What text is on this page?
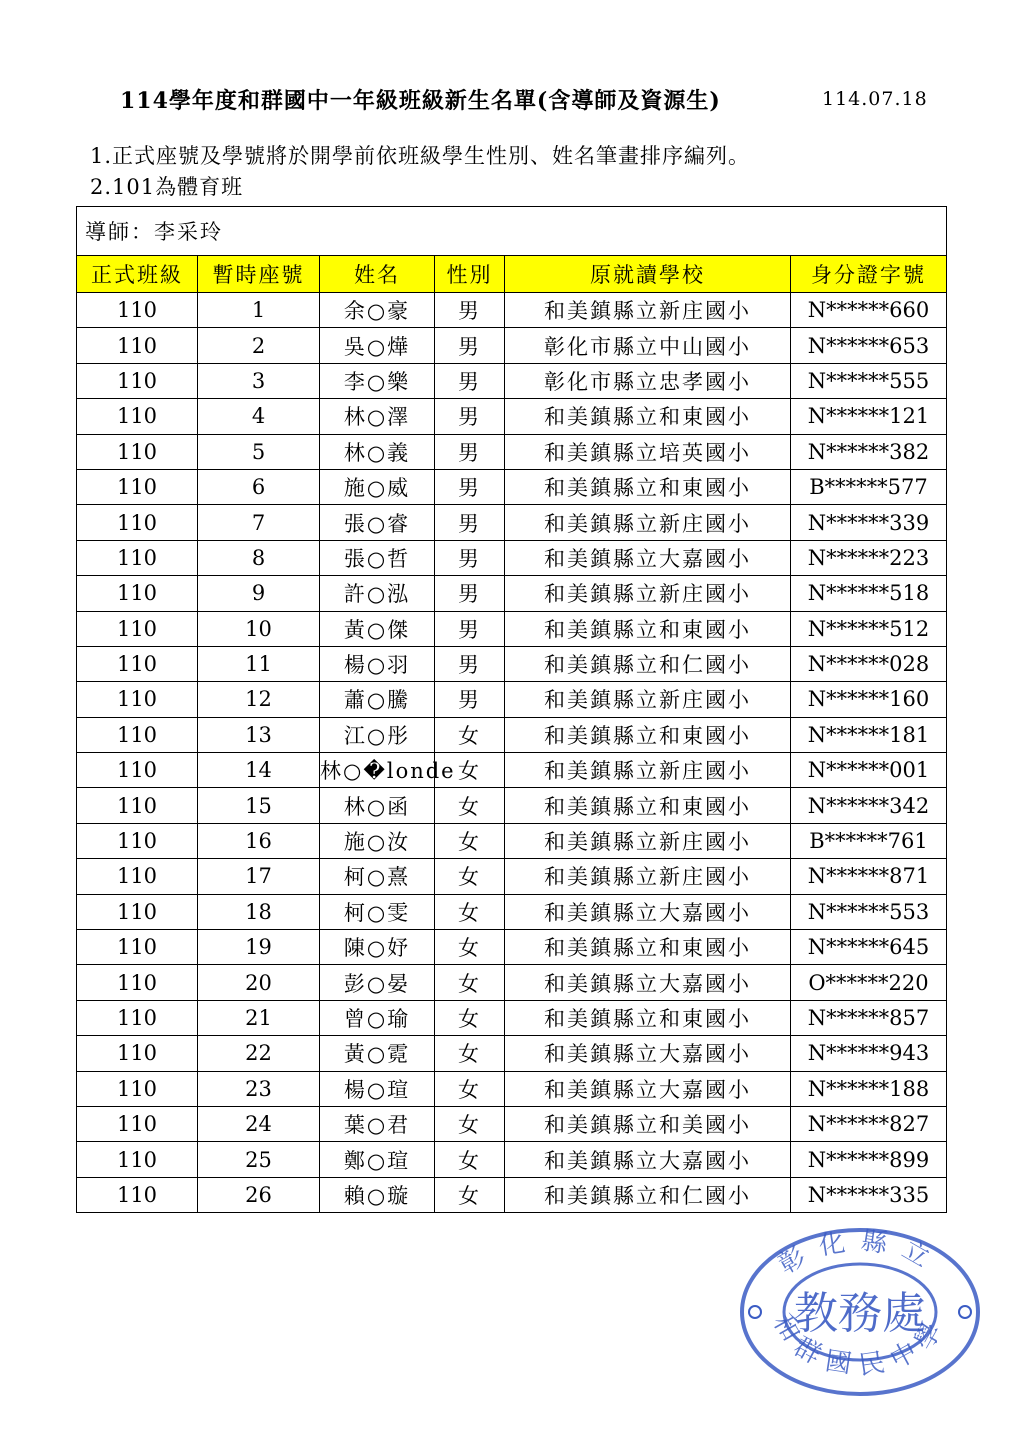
114學年度和群國中一年級班級新生名單(含導師及資源生)	114.07.18
1.正式座號及學號將於開學前依班級學生性別、姓名筆畫排序編列。
2.101為體育班
導師：李采玲					
正式班級	暫時座號	姓名	性別	原就讀學校	身分證字號
110	1	余○豪	男	和美鎮縣立新庄國小	N******660
110	2	吳○燁	男	彰化市縣立中山國小	N******653
110	3	李○樂	男	彰化市縣立忠孝國小	N******555
110	4	林○澤	男	和美鎮縣立和東國小	N******121
110	5	林○義	男	和美鎮縣立培英國小	N******382
110	6	施○威	男	和美鎮縣立和東國小	B******577
110	7	張○睿	男	和美鎮縣立新庄國小	N******339
110	8	張○哲	男	和美鎮縣立大嘉國小	N******223
110	9	許○泓	男	和美鎮縣立新庄國小	N******518
110	10	黃○傑	男	和美鎮縣立和東國小	N******512
110	11	楊○羽	男	和美鎮縣立和仁國小	N******028
110	12	蕭○騰	男	和美鎮縣立新庄國小	N******160
110	13	江○彤	女	和美鎮縣立和東國小	N******181
110	14	林○�londe	女	和美鎮縣立新庄國小	N******001
110	15	林○函	女	和美鎮縣立和東國小	N******342
110	16	施○汝	女	和美鎮縣立新庄國小	B******761
110	17	柯○熹	女	和美鎮縣立新庄國小	N******871
110	18	柯○雯	女	和美鎮縣立大嘉國小	N******553
110	19	陳○妤	女	和美鎮縣立和東國小	N******645
110	20	彭○晏	女	和美鎮縣立大嘉國小	O******220
110	21	曾○瑜	女	和美鎮縣立和東國小	N******857
110	22	黃○霓	女	和美鎮縣立大嘉國小	N******943
110	23	楊○瑄	女	和美鎮縣立大嘉國小	N******188
110	24	葉○君	女	和美鎮縣立和美國小	N******827
110	25	鄭○瑄	女	和美鎮縣立大嘉國小	N******899
110	26	賴○璇	女	和美鎮縣立和仁國小	N******335
教務處
彰化縣立
和群國民中學
